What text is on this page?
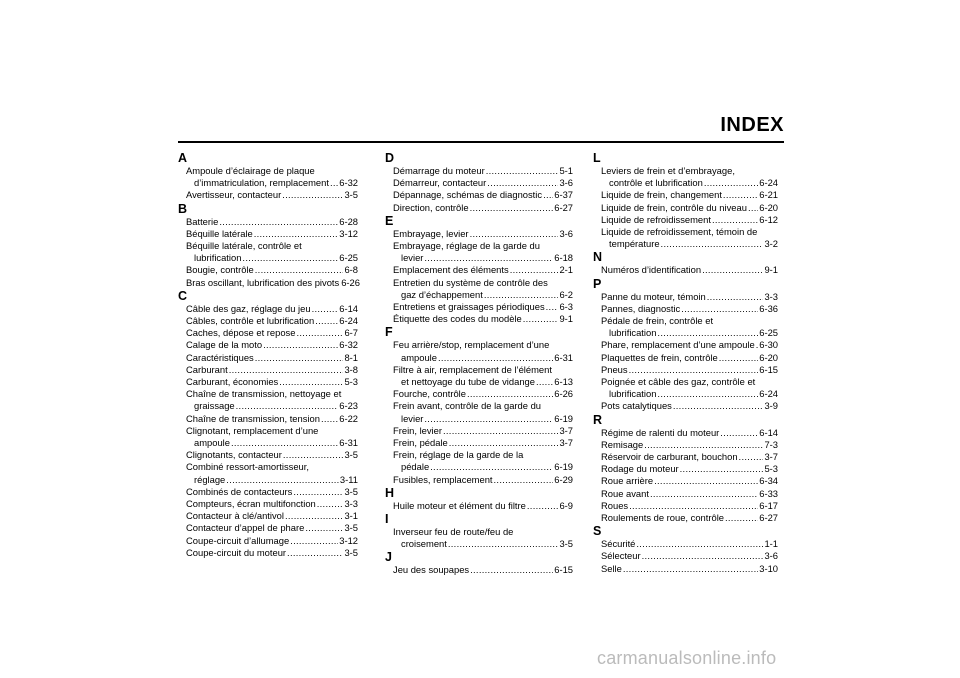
INDEX
A
Ampoule d’éclairage de plaque
d’immatriculation, remplacement ..... 6-32
Avertisseur, contacteur .....	3-5
B
Batterie .....	6-28
Béquille latérale .....	3-12
Béquille latérale, contrôle et
lubrification .....	6-25
Bougie, contrôle .....	6-8
Bras oscillant, lubrification des pivots 6-26
C
Câble des gaz, réglage du jeu .....	6-14
Câbles, contrôle et lubrification .....	6-24
Caches, dépose et repose .....	6-7
Calage de la moto .....	6-32
Caractéristiques .....	8-1
Carburant .....	3-8
Carburant, économies .....	5-3
Chaîne de transmission, nettoyage et
graissage .....	6-23
Chaîne de transmission, tension ..... 6-22
Clignotant, remplacement d’une
ampoule .....	6-31
Clignotants, contacteur .....	3-5
Combiné ressort-amortisseur,
réglage .....	3-11
Combinés de contacteurs .....	3-5
Compteurs, écran multifonction .....	3-3
Contacteur à clé/antivol .....	3-1
Contacteur d’appel de phare .....	3-5
Coupe-circuit d’allumage .....	3-12
Coupe-circuit du moteur .....	3-5
D
Démarrage du moteur .....	5-1
Démarreur, contacteur .....	3-6
Dépannage, schémas de diagnostic ..... 6-37
Direction, contrôle .....	6-27
E
Embrayage, levier .....	3-6
Embrayage, réglage de la garde du
levier .....	6-18
Emplacement des éléments .....	2-1
Entretien du système de contrôle des
gaz d’échappement .....	6-2
Entretiens et graissages périodiques ..... 6-3
Étiquette des codes du modèle .....	9-1
F
Feu arrière/stop, remplacement d’une
ampoule .....	6-31
Filtre à air, remplacement de l’élément
et nettoyage du tube de vidange ..... 6-13
Fourche, contrôle .....	6-26
Frein avant, contrôle de la garde du
levier .....	6-19
Frein, levier .....	3-7
Frein, pédale .....	3-7
Frein, réglage de la garde de la
pédale .....	6-19
Fusibles, remplacement .....	6-29
H
Huile moteur et élément du filtre .....	6-9
I
Inverseur feu de route/feu de
croisement .....	3-5
J
Jeu des soupapes .....	6-15
L
Leviers de frein et d’embrayage,
contrôle et lubrification .....	6-24
Liquide de frein, changement .....	6-21
Liquide de frein, contrôle du niveau ..... 6-20
Liquide de refroidissement .....	6-12
Liquide de refroidissement, témoin de
température .....	3-2
N
Numéros d’identification .....	9-1
P
Panne du moteur, témoin .....	3-3
Pannes, diagnostic .....	6-36
Pédale de frein, contrôle et
lubrification .....	6-25
Phare, remplacement d’une ampoule ..... 6-30
Plaquettes de frein, contrôle .....	6-20
Pneus .....	6-15
Poignée et câble des gaz, contrôle et
lubrification .....	6-24
Pots catalytiques .....	3-9
R
Régime de ralenti du moteur .....	6-14
Remisage .....	7-3
Réservoir de carburant, bouchon .....	3-7
Rodage du moteur .....	5-3
Roue arrière .....	6-34
Roue avant .....	6-33
Roues .....	6-17
Roulements de roue, contrôle .....	6-27
S
Sécurité .....	1-1
Sélecteur .....	3-6
Selle .....	3-10
carmanualsonline.info
